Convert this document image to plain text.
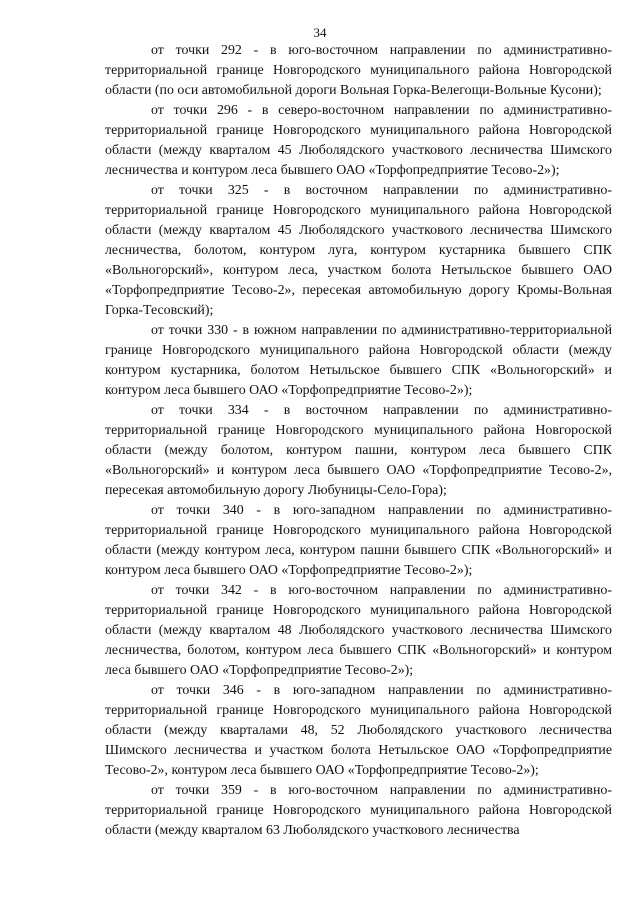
34

от точки 292 - в юго-восточном направлении по административно-территориальной границе Новгородского муниципального района Новгородской области (по оси автомобильной дороги Вольная Горка-Велегощи-Вольные Кусони);

от точки 296 - в северо-восточном направлении по административно-территориальной границе Новгородского муниципального района Новгородской области (между кварталом 45 Люболядского участкового лесничества Шимского лесничества и контуром леса бывшего ОАО «Торфопредприятие Тесово-2»);

от точки 325 - в восточном направлении по административно-территориальной границе Новгородского муниципального района Новгородской области (между кварталом 45 Люболядского участкового лесничества Шимского лесничества, болотом, контуром луга, контуром кустарника бывшего СПК «Вольногорский», контуром леса, участком болота Нетыльское бывшего ОАО «Торфопредприятие Тесово-2», пересекая автомобильную дорогу Кромы-Вольная Горка-Тесовский);

от точки 330 - в южном направлении по административно-территориальной границе Новгородского муниципального района Новгородской области (между контуром кустарника, болотом Нетыльское бывшего СПК «Вольногорский» и контуром леса бывшего ОАО «Торфопредприятие Тесово-2»);

от точки 334 - в восточном направлении по административно-территориальной границе Новгородского муниципального района Новгороской области (между болотом, контуром пашни, контуром леса бывшего СПК «Вольногорский» и контуром леса бывшего ОАО «Торфопредприятие Тесово-2», пересекая автомобильную дорогу Любуницы-Село-Гора);

от точки 340 - в юго-западном направлении по административно-территориальной границе Новгородского муниципального района Новгородской области (между контуром леса, контуром пашни бывшего СПК «Вольногорский» и контуром леса бывшего ОАО «Торфопредприятие Тесово-2»);

от точки 342 - в юго-восточном направлении по административно-территориальной границе Новгородского муниципального района Новгородской области (между кварталом 48 Люболядского участкового лесничества Шимского лесничества, болотом, контуром леса бывшего СПК «Вольногорский» и контуром леса бывшего ОАО «Торфопредприятие Тесово-2»);

от точки 346 - в юго-западном направлении по административно-территориальной границе Новгородского муниципального района Новгородской области (между кварталами 48, 52 Люболядского участкового лесничества Шимского лесничества и участком болота Нетыльское ОАО «Торфопредприятие Тесово-2», контуром леса бывшего ОАО «Торфопредприятие Тесово-2»);

от точки 359 - в юго-восточном направлении по административно-территориальной границе Новгородского муниципального района Новгородской области (между кварталом 63 Люболядского участкового лесничества
